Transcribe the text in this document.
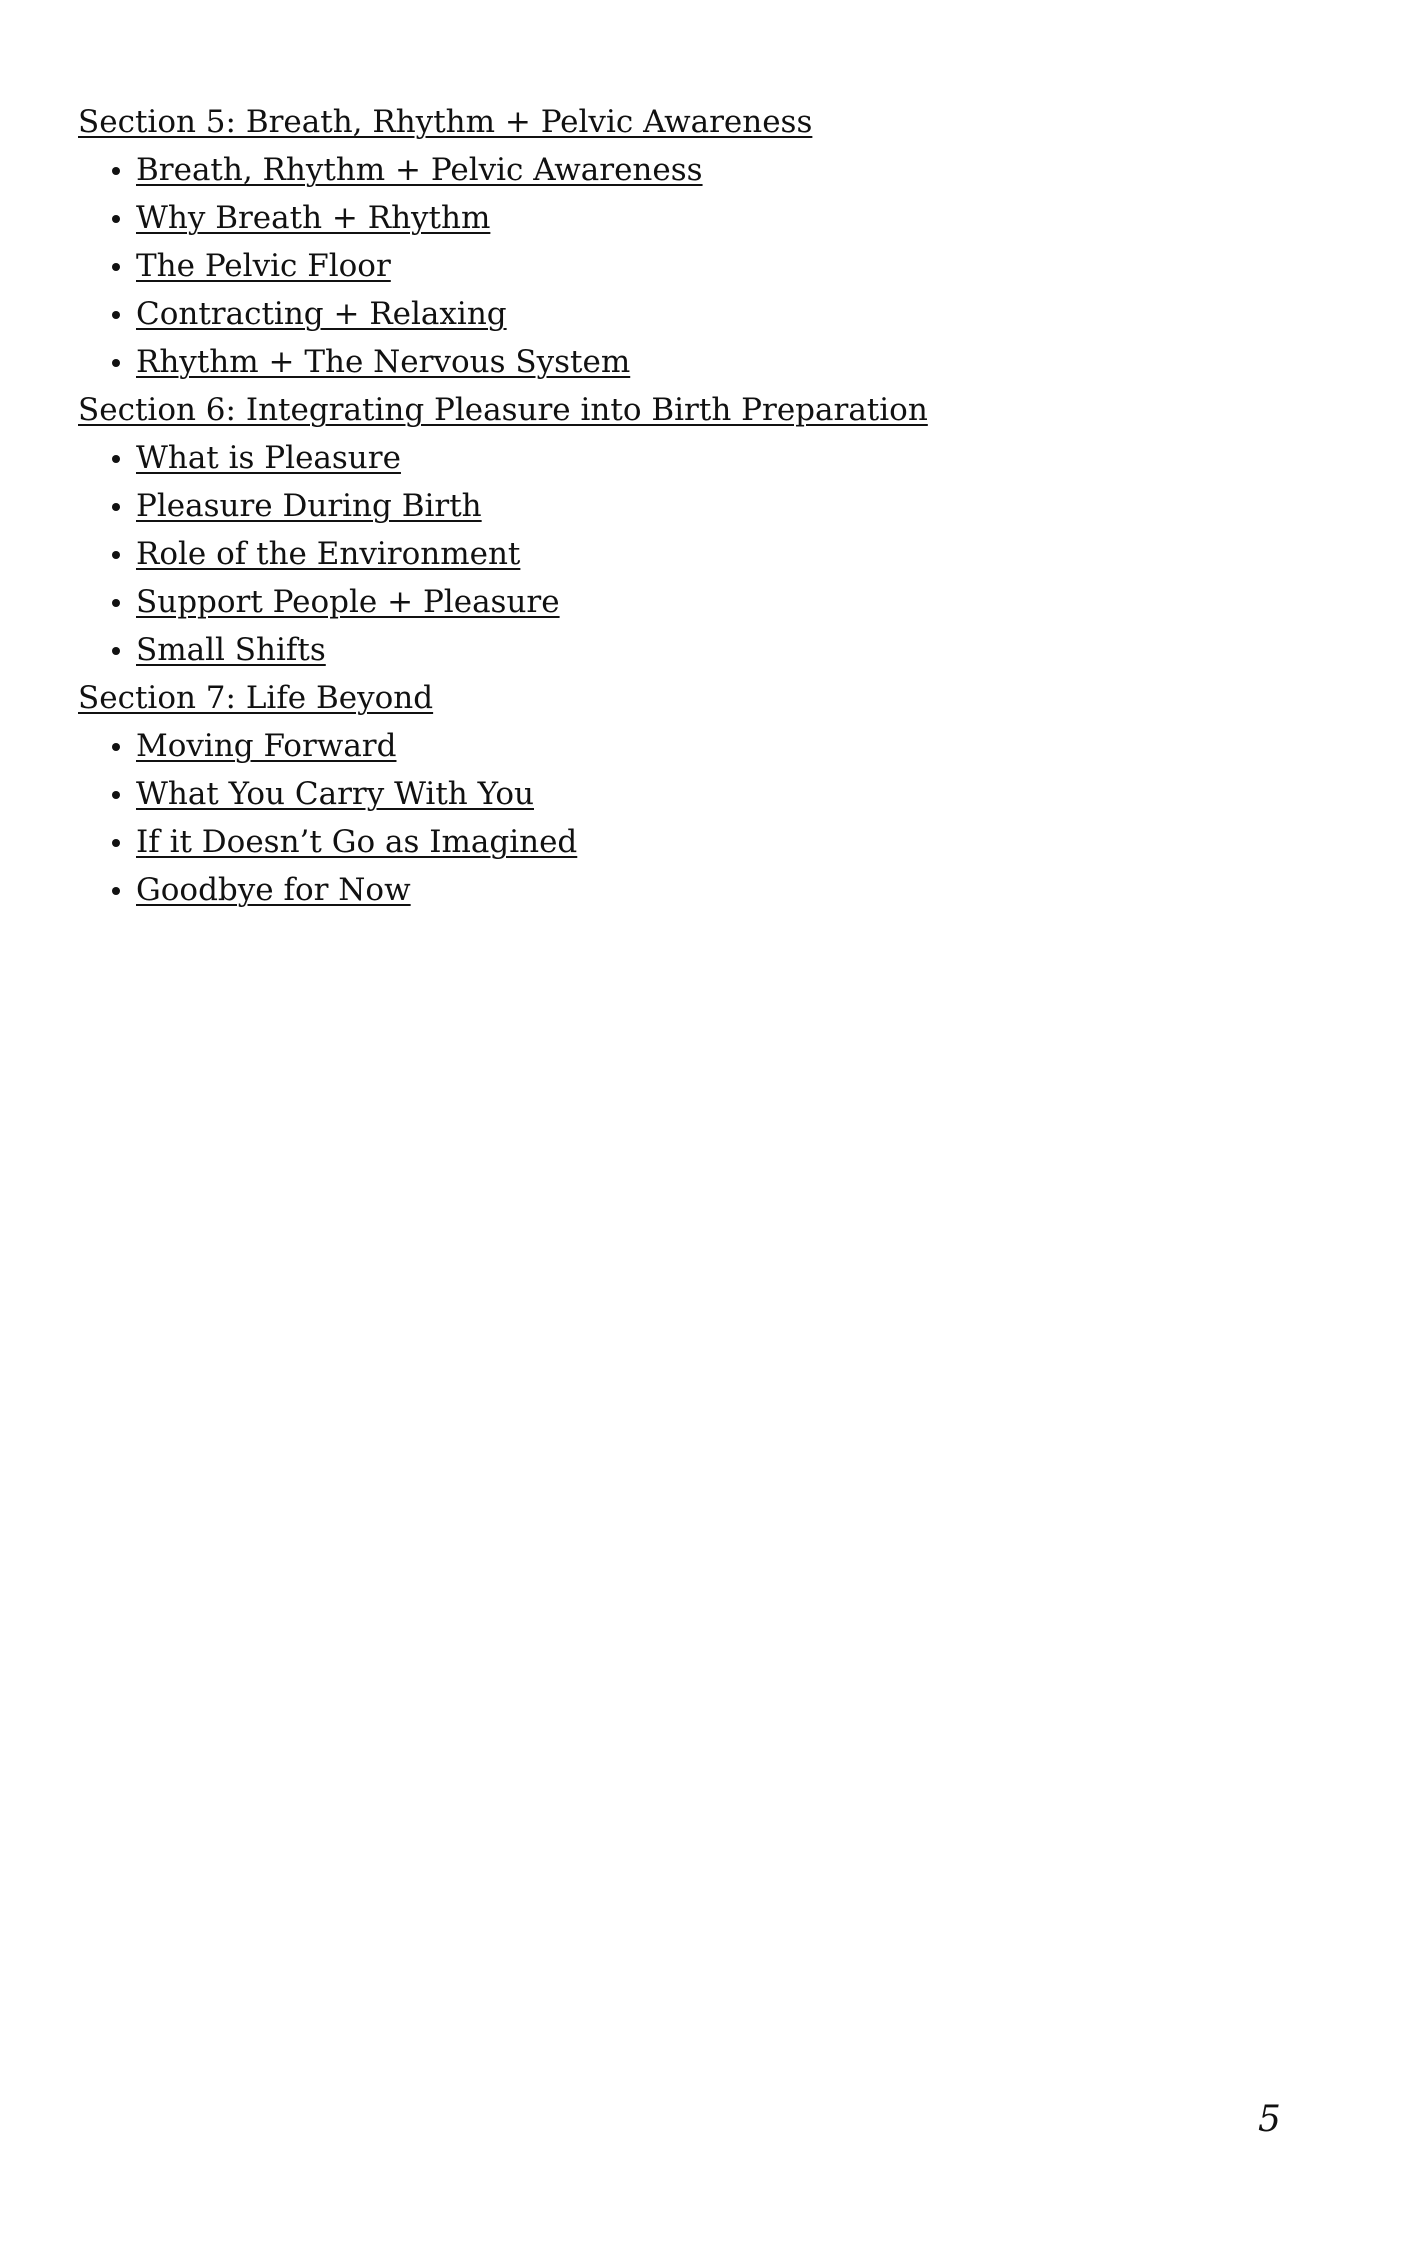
Section 5: Breath, Rhythm + Pelvic Awareness
Breath, Rhythm + Pelvic Awareness
Why Breath + Rhythm
The Pelvic Floor
Contracting + Relaxing
Rhythm + The Nervous System
Section 6: Integrating Pleasure into Birth Preparation
What is Pleasure
Pleasure During Birth
Role of the Environment
Support People + Pleasure
Small Shifts
Section 7: Life Beyond
Moving Forward
What You Carry With You
If it Doesn’t Go as Imagined
Goodbye for Now
5
